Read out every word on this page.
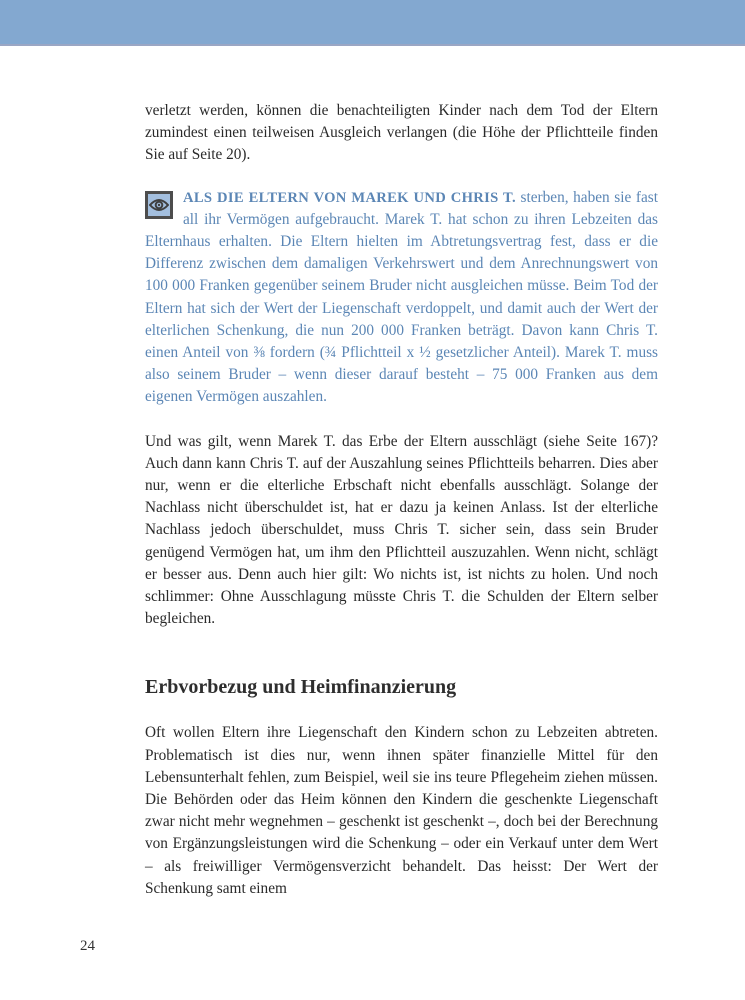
verletzt werden, können die benachteiligten Kinder nach dem Tod der Eltern zumindest einen teilweisen Ausgleich verlangen (die Höhe der Pflichtteile finden Sie auf Seite 20).

ALS DIE ELTERN VON MAREK UND CHRIS T. sterben, haben sie fast all ihr Vermögen aufgebraucht. Marek T. hat schon zu ihren Lebzeiten das Elternhaus erhalten. Die Eltern hielten im Abtretungsvertrag fest, dass er die Differenz zwischen dem damaligen Verkehrswert und dem Anrechnungswert von 100 000 Franken gegenüber seinem Bruder nicht ausgleichen müsse. Beim Tod der Eltern hat sich der Wert der Liegenschaft verdoppelt, und damit auch der Wert der elterlichen Schenkung, die nun 200 000 Franken beträgt. Davon kann Chris T. einen Anteil von ⅜ fordern (¾ Pflichtteil x ½ gesetzlicher Anteil). Marek T. muss also seinem Bruder – wenn dieser darauf besteht – 75 000 Franken aus dem eigenen Vermögen auszahlen.

Und was gilt, wenn Marek T. das Erbe der Eltern ausschlägt (siehe Seite 167)? Auch dann kann Chris T. auf der Auszahlung seines Pflichtteils beharren. Dies aber nur, wenn er die elterliche Erbschaft nicht ebenfalls ausschlägt. Solange der Nachlass nicht überschuldet ist, hat er dazu ja keinen Anlass. Ist der elterliche Nachlass jedoch überschuldet, muss Chris T. sicher sein, dass sein Bruder genügend Vermögen hat, um ihm den Pflichtteil auszuzahlen. Wenn nicht, schlägt er besser aus. Denn auch hier gilt: Wo nichts ist, ist nichts zu holen. Und noch schlimmer: Ohne Ausschlagung müsste Chris T. die Schulden der Eltern selber begleichen.

Erbvorbezug und Heimfinanzierung

Oft wollen Eltern ihre Liegenschaft den Kindern schon zu Lebzeiten abtreten. Problematisch ist dies nur, wenn ihnen später finanzielle Mittel für den Lebensunterhalt fehlen, zum Beispiel, weil sie ins teure Pflegeheim ziehen müssen. Die Behörden oder das Heim können den Kindern die geschenkte Liegenschaft zwar nicht mehr wegnehmen – geschenkt ist geschenkt –, doch bei der Berechnung von Ergänzungsleistungen wird die Schenkung – oder ein Verkauf unter dem Wert – als freiwilliger Vermögensverzicht behandelt. Das heisst: Der Wert der Schenkung samt einem

24
